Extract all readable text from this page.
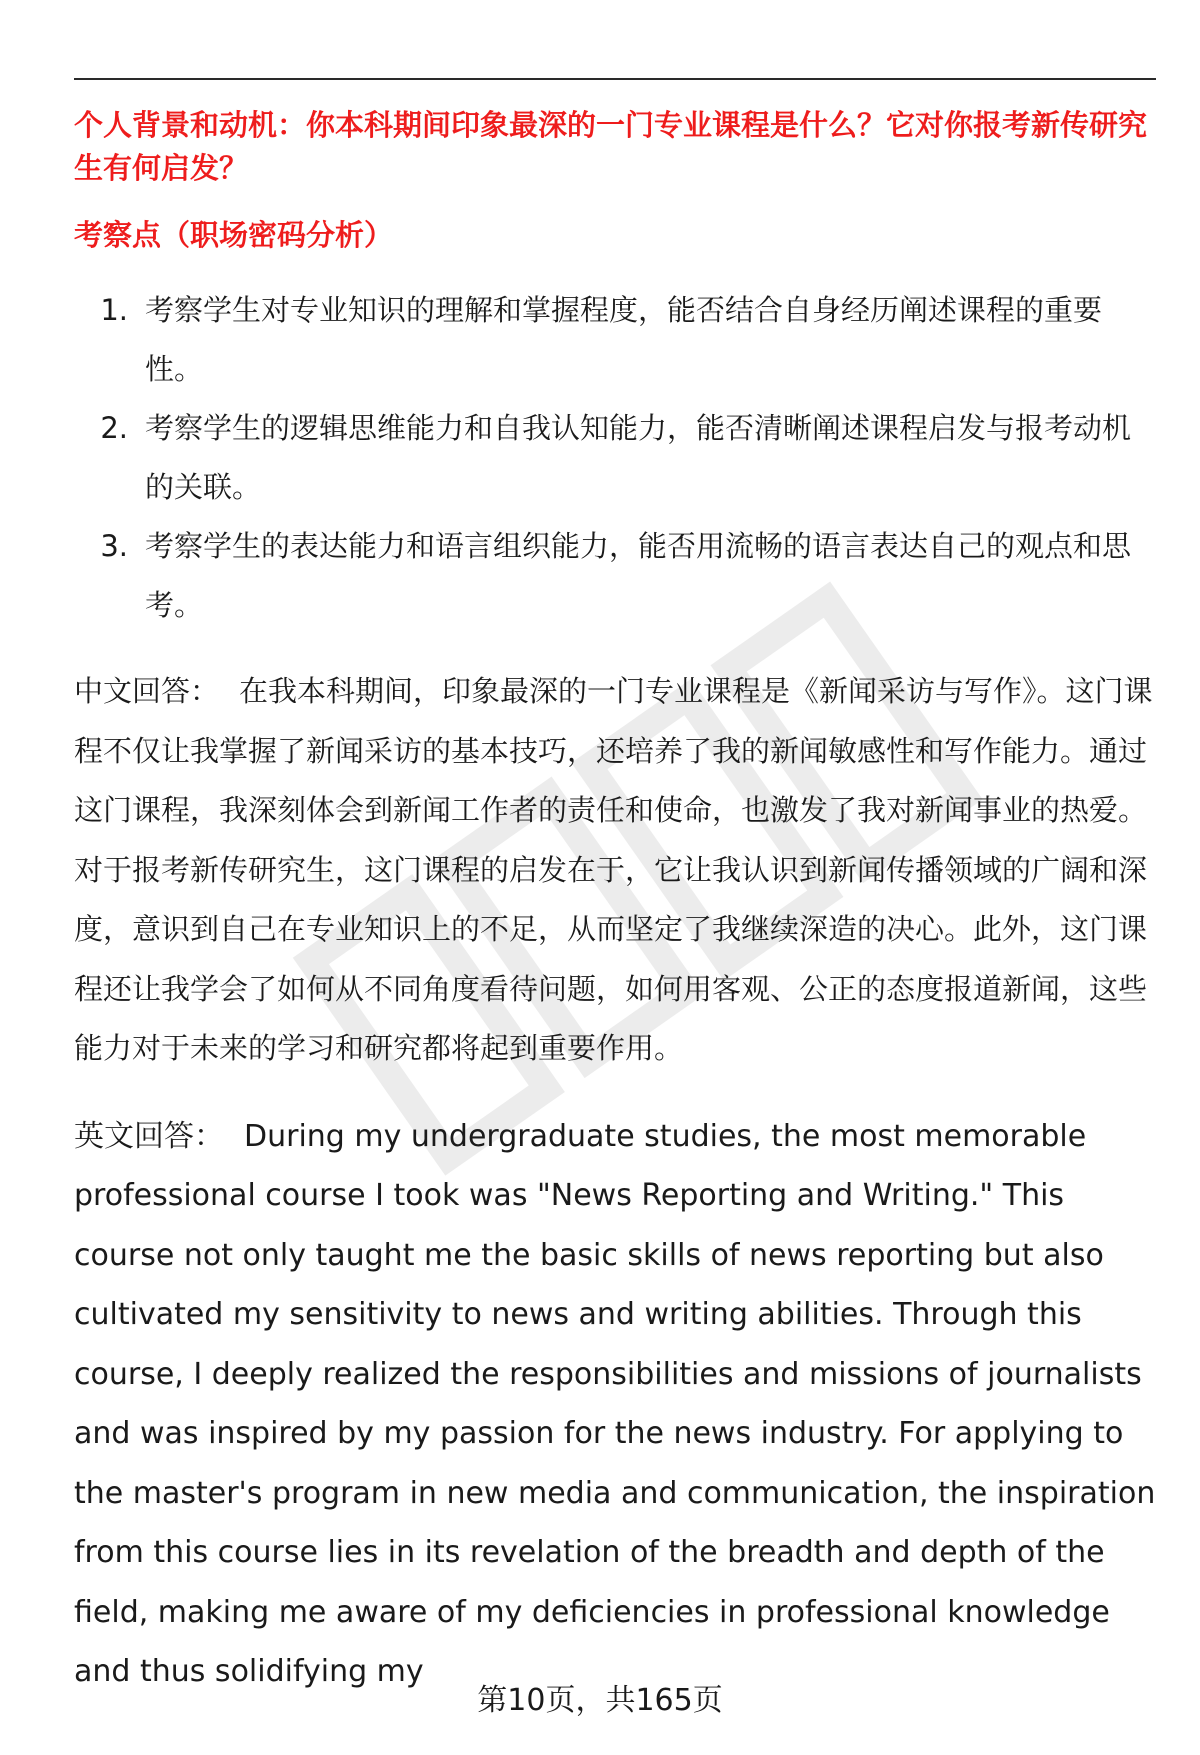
个人背景和动机：你本科期间印象最深的一门专业课程是什么？它对你报考新传研究生有何启发？

考察点（职场密码分析）

1. 考察学生对专业知识的理解和掌握程度，能否结合自身经历阐述课程的重要性。
2. 考察学生的逻辑思维能力和自我认知能力，能否清晰阐述课程启发与报考动机的关联。
3. 考察学生的表达能力和语言组织能力，能否用流畅的语言表达自己的观点和思考。

中文回答： 在我本科期间，印象最深的一门专业课程是《新闻采访与写作》。这门课程不仅让我掌握了新闻采访的基本技巧，还培养了我的新闻敏感性和写作能力。通过这门课程，我深刻体会到新闻工作者的责任和使命，也激发了我对新闻事业的热爱。对于报考新传研究生，这门课程的启发在于，它让我认识到新闻传播领域的广阔和深度，意识到自己在专业知识上的不足，从而坚定了我继续深造的决心。此外，这门课程还让我学会了如何从不同角度看待问题，如何用客观、公正的态度报道新闻，这些能力对于未来的学习和研究都将起到重要作用。

英文回答： During my undergraduate studies, the most memorable professional course I took was "News Reporting and Writing." This course not only taught me the basic skills of news reporting but also cultivated my sensitivity to news and writing abilities. Through this course, I deeply realized the responsibilities and missions of journalists and was inspired by my passion for the news industry. For applying to the master's program in new media and communication, the inspiration from this course lies in its revelation of the breadth and depth of the field, making me aware of my deficiencies in professional knowledge and thus solidifying my

第10页，共165页
